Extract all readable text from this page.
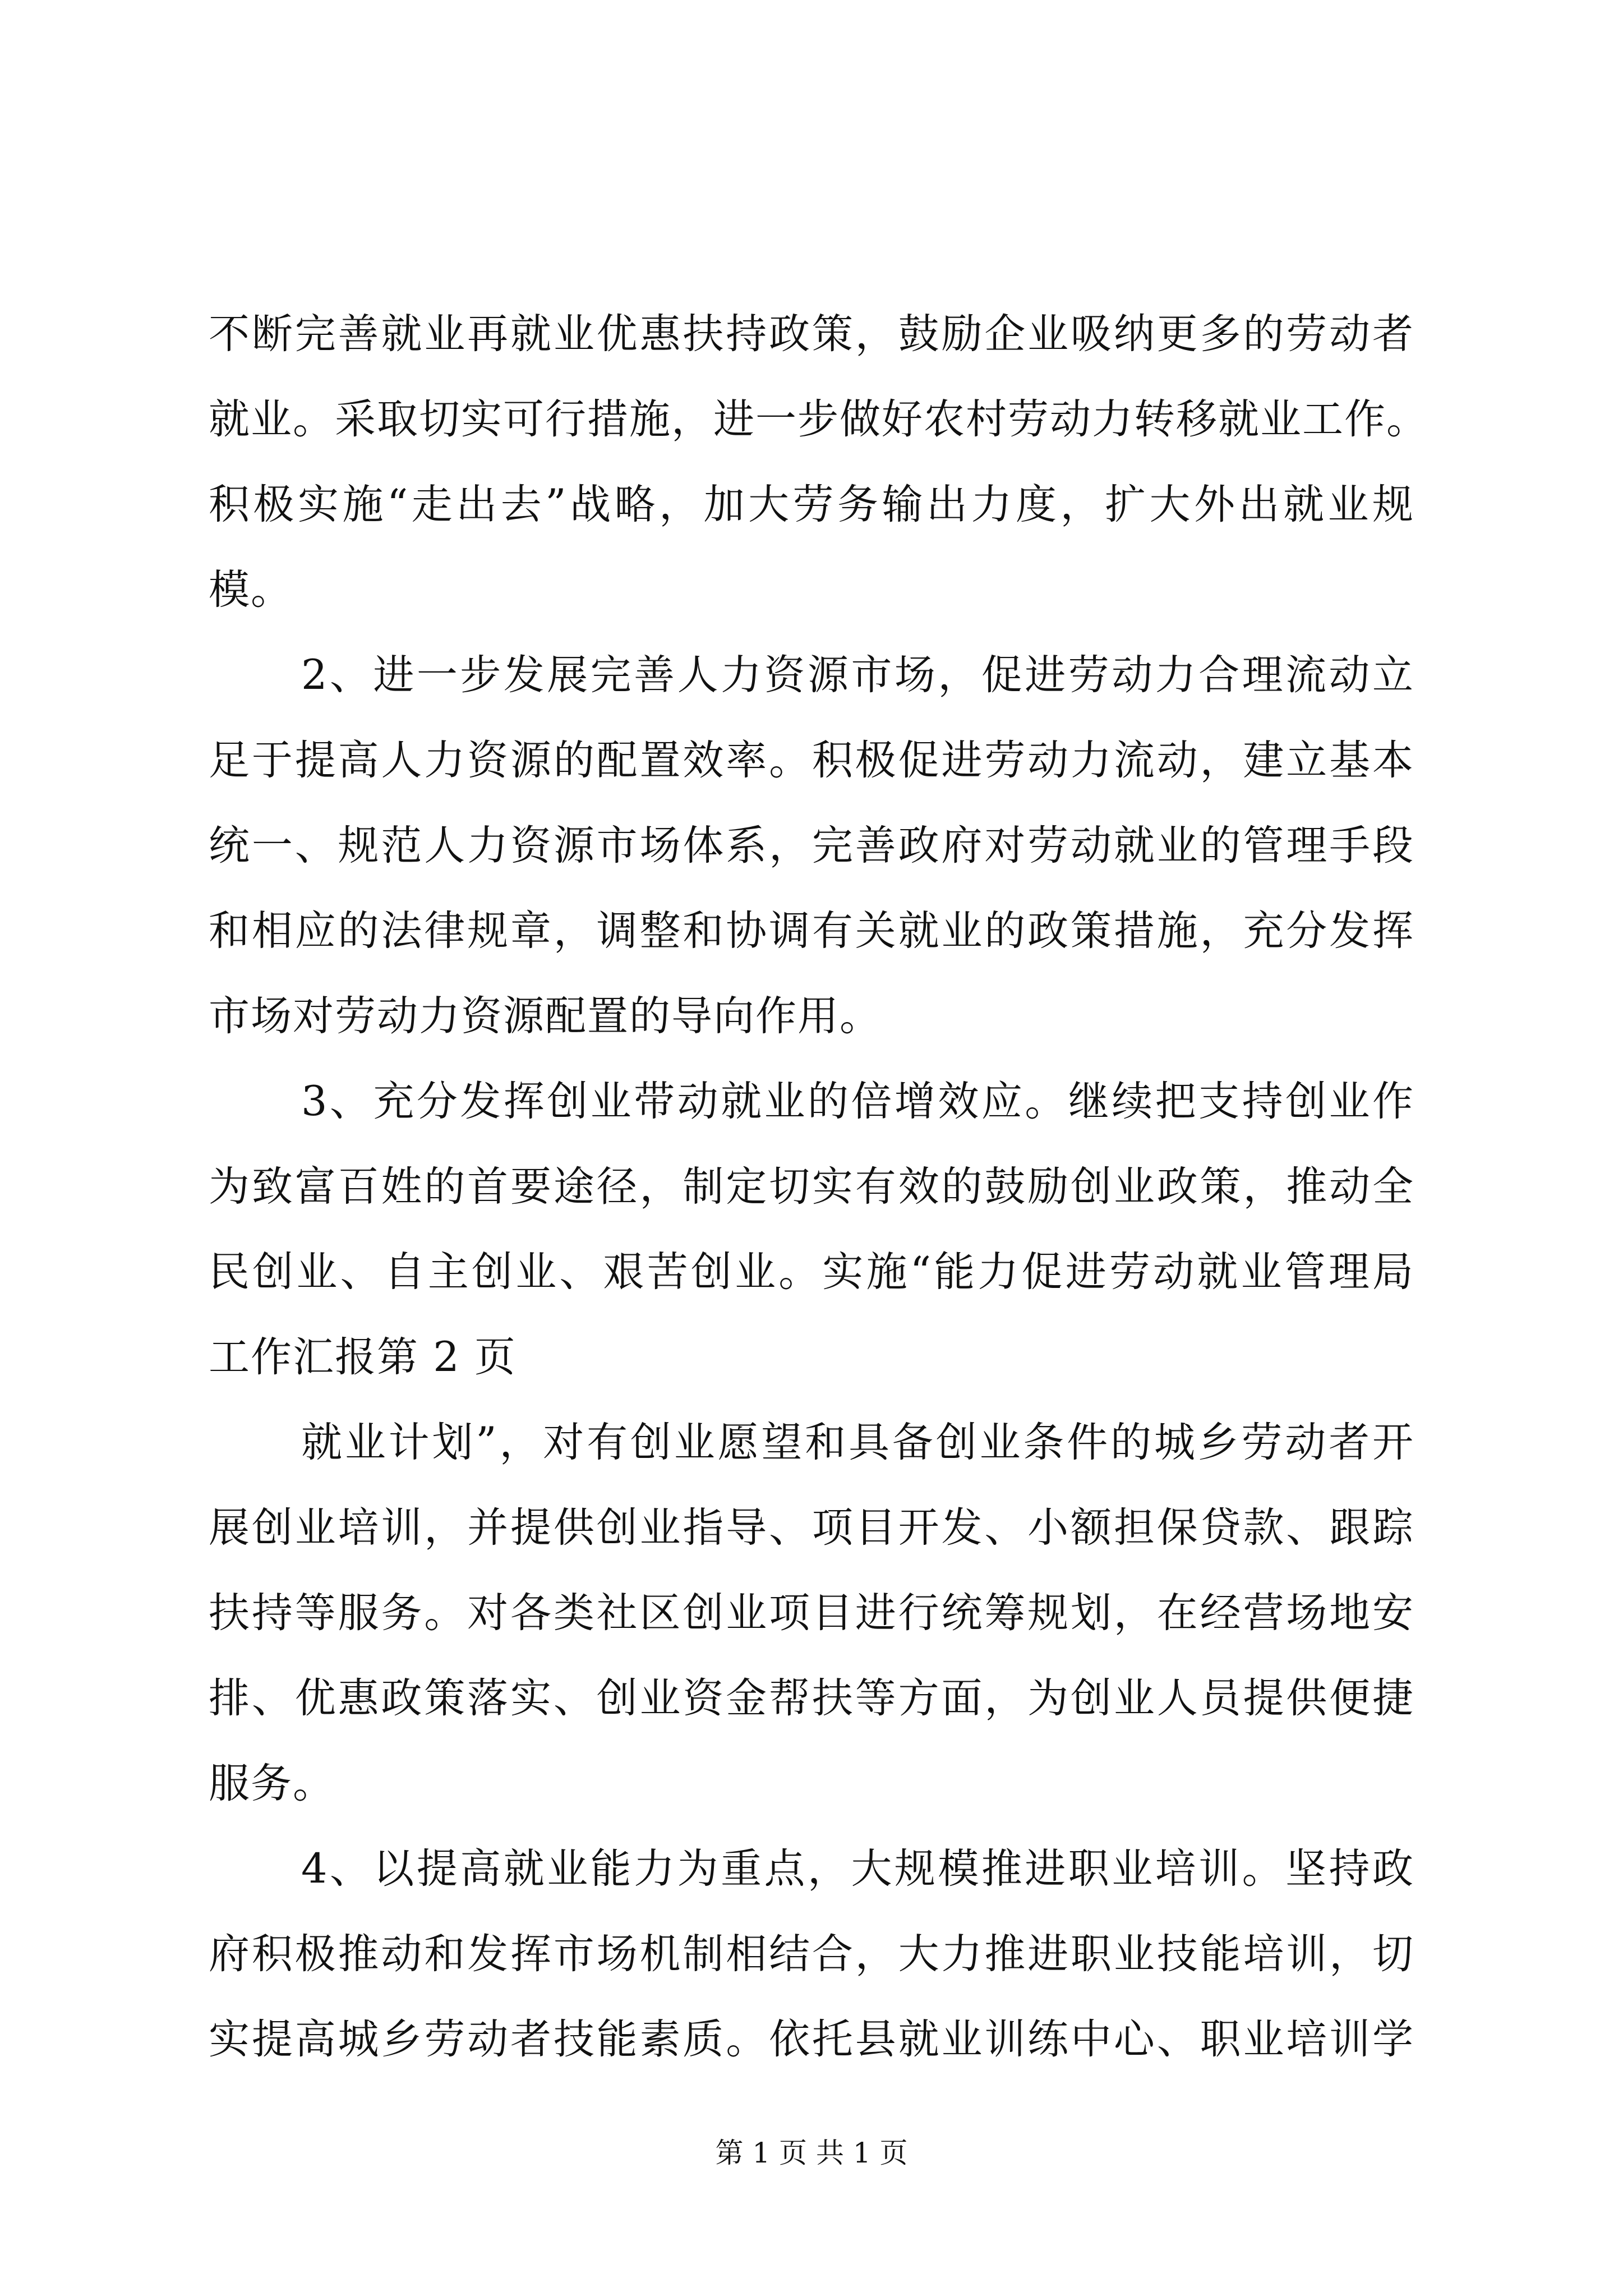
不断完善就业再就业优惠扶持政策，鼓励企业吸纳更多的劳动者
就业。采取切实可行措施，进一步做好农村劳动力转移就业工作。
积极实施“走出去”战略，加大劳务输出力度，扩大外出就业规
模。
2、进一步发展完善人力资源市场，促进劳动力合理流动立
足于提高人力资源的配置效率。积极促进劳动力流动，建立基本
统一、规范人力资源市场体系，完善政府对劳动就业的管理手段
和相应的法律规章，调整和协调有关就业的政策措施，充分发挥
市场对劳动力资源配置的导向作用。
3、充分发挥创业带动就业的倍增效应。继续把支持创业作
为致富百姓的首要途径，制定切实有效的鼓励创业政策，推动全
民创业、自主创业、艰苦创业。实施“能力促进劳动就业管理局
工作汇报第 2 页
就业计划”，对有创业愿望和具备创业条件的城乡劳动者开
展创业培训，并提供创业指导、项目开发、小额担保贷款、跟踪
扶持等服务。对各类社区创业项目进行统筹规划，在经营场地安
排、优惠政策落实、创业资金帮扶等方面，为创业人员提供便捷
服务。
4、以提高就业能力为重点，大规模推进职业培训。坚持政
府积极推动和发挥市场机制相结合，大力推进职业技能培训，切
实提高城乡劳动者技能素质。依托县就业训练中心、职业培训学
第 1 页 共 1 页
